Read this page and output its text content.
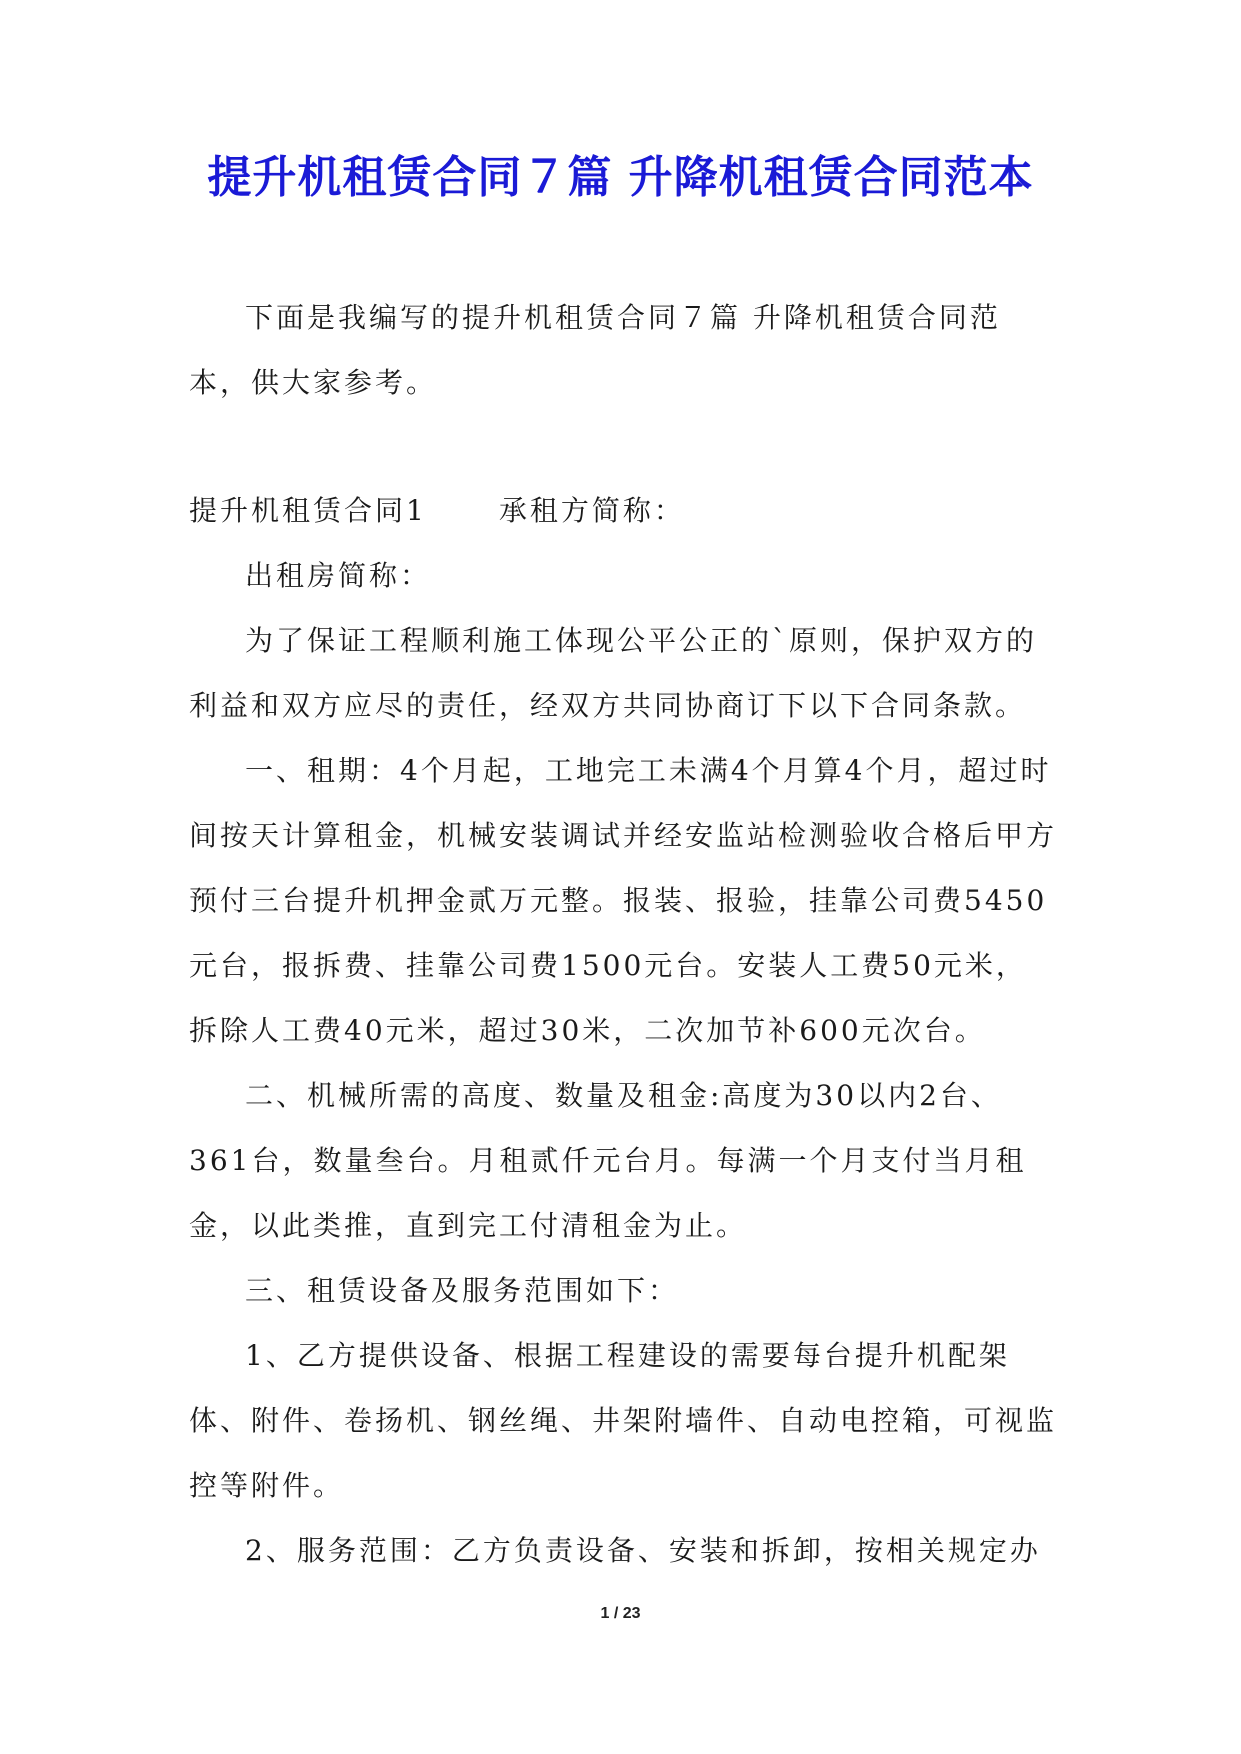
提升机租赁合同７篇 升降机租赁合同范本

下面是我编写的提升机租赁合同７篇 升降机租赁合同范本，供大家参考。

提升机租赁合同1	承租方简称：

出租房简称：

为了保证工程顺利施工体现公平公正的`原则，保护双方的利益和双方应尽的责任，经双方共同协商订下以下合同条款。

一、租期：4个月起，工地完工未满4个月算4个月，超过时间按天计算租金，机械安装调试并经安监站检测验收合格后甲方预付三台提升机押金贰万元整。报装、报验，挂靠公司费5450元台，报拆费、挂靠公司费1500元台。安装人工费50元米，拆除人工费40元米，超过30米，二次加节补600元次台。

二、机械所需的高度、数量及租金:高度为30以内2台、361台，数量叁台。月租贰仟元台月。每满一个月支付当月租金，以此类推，直到完工付清租金为止。

三、租赁设备及服务范围如下：

1、乙方提供设备、根据工程建设的需要每台提升机配架体、附件、卷扬机、钢丝绳、井架附墙件、自动电控箱，可视监控等附件。

2、服务范围：乙方负责设备、安装和拆卸，按相关规定办

1 / 23
